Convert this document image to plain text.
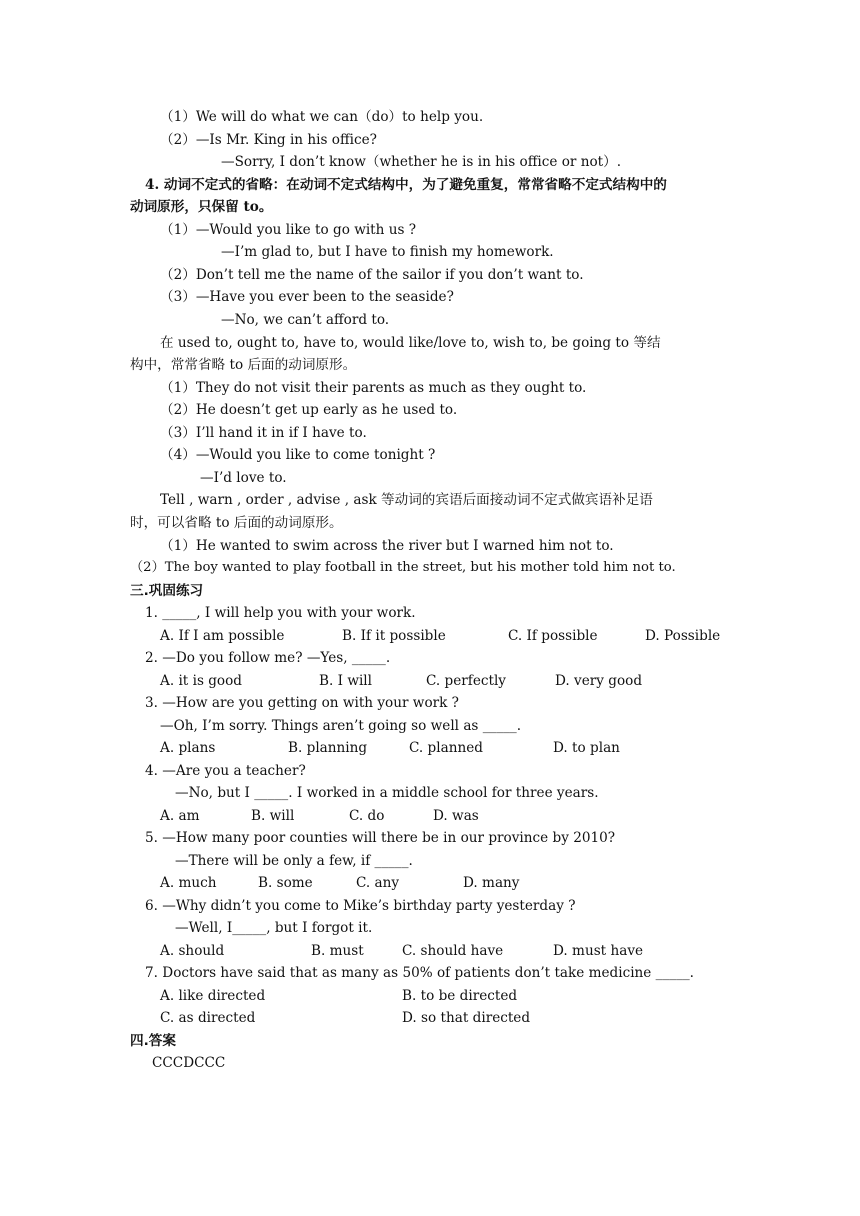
（1）We will do what we can（do）to help you.
（2）—Is Mr. King in his office?
—Sorry, I don’t know（whether he is in his office or not）.
4. 动词不定式的省略：在动词不定式结构中，为了避免重复，常常省略不定式结构中的
动词原形，只保留 to。
（1）—Would you like to go with us ?
—I’m glad to, but I have to finish my homework.
（2）Don’t tell me the name of the sailor if you don’t want to.
（3）—Have you ever been to the seaside?
—No, we can’t afford to.
在 used to, ought to, have to, would like/love to, wish to, be going to 等结
构中，常常省略 to 后面的动词原形。
（1）They do not visit their parents as much as they ought to.
（2）He doesn’t get up early as he used to.
（3）I’ll hand it in if I have to.
（4）—Would you like to come tonight ?
—I’d love to.
Tell , warn , order , advise , ask 等动词的宾语后面接动词不定式做宾语补足语
时，可以省略 to 后面的动词原形。
（1）He wanted to swim across the river but I warned him not to.
（2）The boy wanted to play football in the street, but his mother told him not to.
三.巩固练习
1. _____, I will help you with your work.
A. If I am possible	B. If it possible	C. If possible	D. Possible
2. —Do you follow me? —Yes, _____.
A. it is good	B. I will	C. perfectly	D. very good
3. —How are you getting on with your work ?
—Oh, I’m sorry. Things aren’t going so well as _____.
A. plans	B. planning	C. planned	D. to plan
4. —Are you a teacher?
—No, but I _____. I worked in a middle school for three years.
A. am	B. will	C. do	D. was
5. —How many poor counties will there be in our province by 2010?
—There will be only a few, if _____.
A. much	B. some	C. any	D. many
6. —Why didn’t you come to Mike’s birthday party yesterday ?
—Well, I_____, but I forgot it.
A. should	B. must	C. should have	D. must have
7. Doctors have said that as many as 50% of patients don’t take medicine _____.
A. like directed	B. to be directed
C. as directed	D. so that directed
四.答案
CCCDCCC
